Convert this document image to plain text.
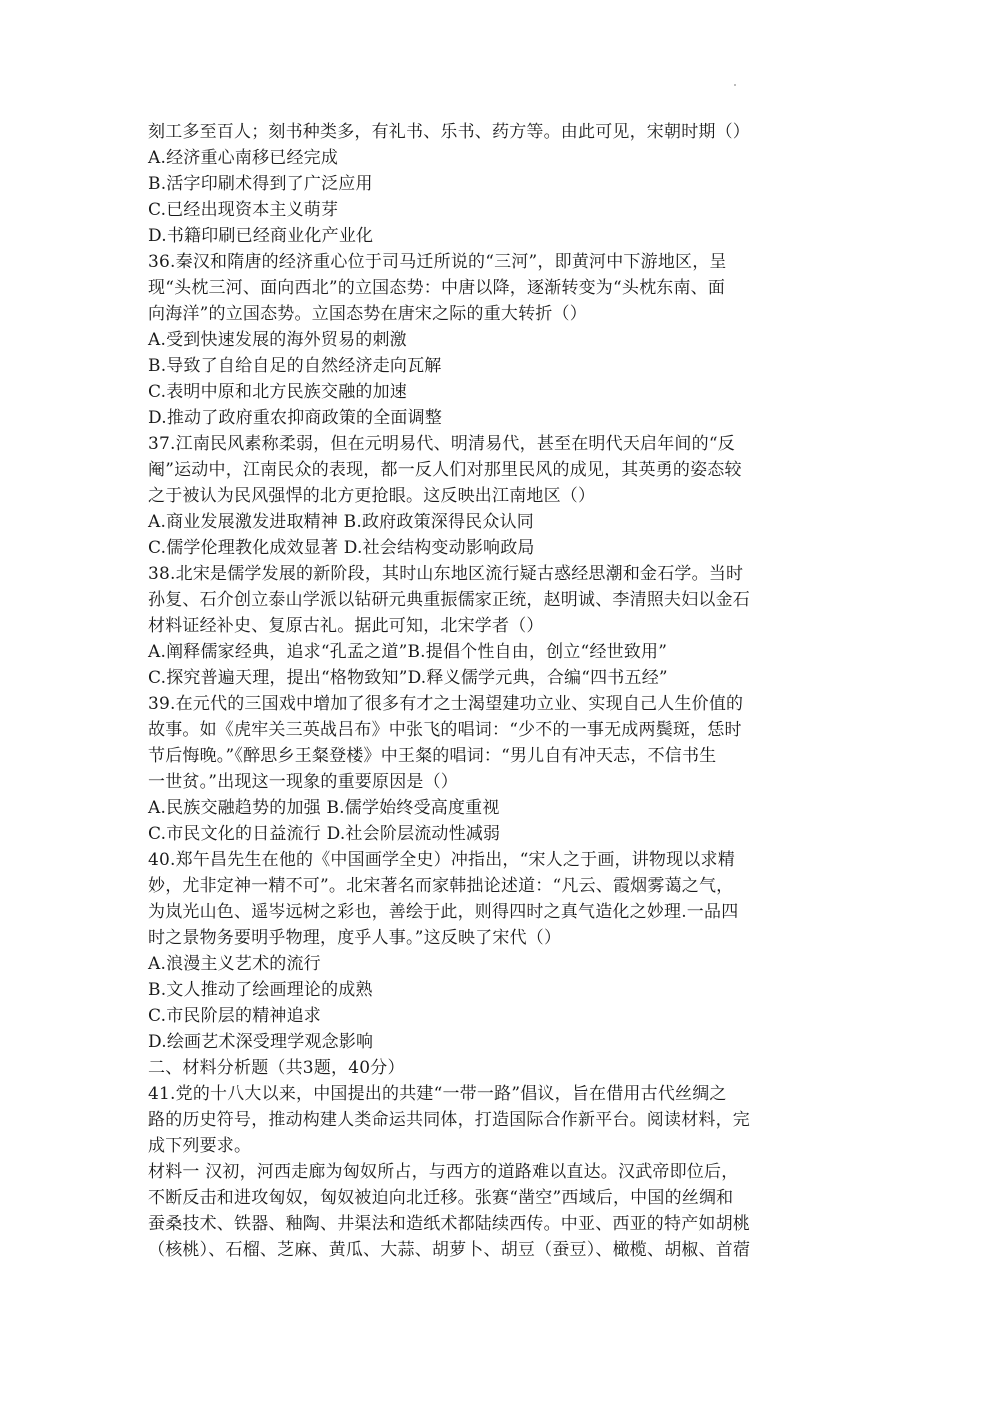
刻工多至百人；刻书种类多，有礼书、乐书、药方等。由此可见，宋朝时期（）
A.经济重心南移已经完成
B.活字印刷术得到了广泛应用
C.已经出现资本主义萌芽
D.书籍印刷已经商业化产业化
36.秦汉和隋唐的经济重心位于司马迁所说的“三河”，即黄河中下游地区，呈
现“头枕三河、面向西北”的立国态势：中唐以降，逐渐转变为“头枕东南、面
向海洋”的立国态势。立国态势在唐宋之际的重大转折（）
A.受到快速发展的海外贸易的刺激
B.导致了自给自足的自然经济走向瓦解
C.表明中原和北方民族交融的加速
D.推动了政府重农抑商政策的全面调整
37.江南民风素称柔弱，但在元明易代、明清易代，甚至在明代天启年间的“反
阉”运动中，江南民众的表现，都一反人们对那里民风的成见，其英勇的姿态较
之于被认为民风强悍的北方更抢眼。这反映出江南地区（）
A.商业发展激发进取精神 B.政府政策深得民众认同
C.儒学伦理教化成效显著 D.社会结构变动影响政局
38.北宋是儒学发展的新阶段，其时山东地区流行疑古惑经思潮和金石学。当时
孙复、石介创立泰山学派以钻研元典重振儒家正统，赵明诚、李清照夫妇以金石
材料证经补史、复原古礼。据此可知，北宋学者（）
A.阐释儒家经典，追求“孔孟之道”B.提倡个性自由，创立“经世致用”
C.探究普遍天理，提出“格物致知”D.释义儒学元典，合编“四书五经”
39.在元代的三国戏中增加了很多有才之士渴望建功立业、实现自己人生价值的
故事。如《虎牢关三英战吕布》中张飞的唱词：“少不的一事无成两鬓斑，恁时
节后悔晚。”《醉思乡王粲登楼》中王粲的唱词：“男儿自有冲天志，不信书生
一世贫。”出现这一现象的重要原因是（）
A.民族交融趋势的加强 B.儒学始终受高度重视
C.市民文化的日益流行 D.社会阶层流动性减弱
40.郑午昌先生在他的《中国画学全史）冲指出，“宋人之于画，讲物现以求精
妙，尤非定神一精不可”。北宋著名而家韩拙论述道：“凡云、霞烟雾蔼之气，
为岚光山色、遥岑远树之彩也，善绘于此，则得四时之真气造化之妙理.一品四
时之景物务要明乎物理，度乎人事。”这反映了宋代（）
A.浪漫主义艺术的流行
B.文人推动了绘画理论的成熟
C.市民阶层的精神追求
D.绘画艺术深受理学观念影响
二、材料分析题（共3题，40分）
41.党的十八大以来，中国提出的共建“一带一路”倡议，旨在借用古代丝绸之
路的历史符号，推动构建人类命运共同体，打造国际合作新平台。阅读材料，完
成下列要求。
材料一 汉初，河西走廊为匈奴所占，与西方的道路难以直达。汉武帝即位后，
不断反击和进攻匈奴，匈奴被迫向北迁移。张赛“凿空”西域后，中国的丝绸和
蚕桑技术、铁器、釉陶、井渠法和造纸术都陆续西传。中亚、西亚的特产如胡桃
（核桃）、石榴、芝麻、黄瓜、大蒜、胡萝卜、胡豆（蚕豆）、橄榄、胡椒、首蓿
